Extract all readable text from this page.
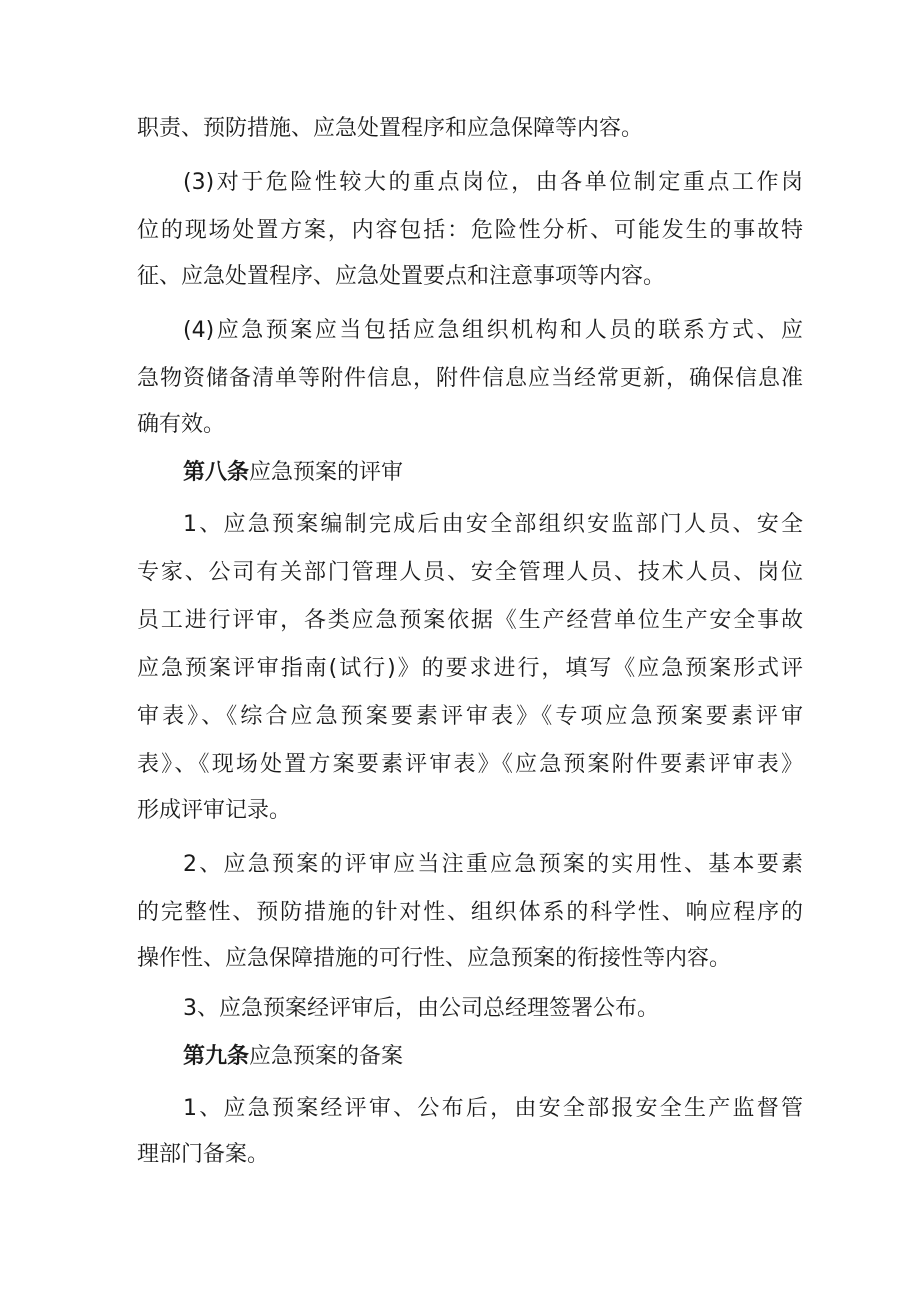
职责、预防措施、应急处置程序和应急保障等内容。
(3)对于危险性较大的重点岗位，由各单位制定重点工作岗
位的现场处置方案，内容包括：危险性分析、可能发生的事故特
征、应急处置程序、应急处置要点和注意事项等内容。
(4)应急预案应当包括应急组织机构和人员的联系方式、应
急物资储备清单等附件信息，附件信息应当经常更新，确保信息准
确有效。
第八条应急预案的评审
1、应急预案编制完成后由安全部组织安监部门人员、安全
专家、公司有关部门管理人员、安全管理人员、技术人员、岗位
员工进行评审，各类应急预案依据《生产经营单位生产安全事故
应急预案评审指南(试行)》的要求进行，填写《应急预案形式评
审表》、《综合应急预案要素评审表》《专项应急预案要素评审
表》、《现场处置方案要素评审表》《应急预案附件要素评审表》
形成评审记录。
2、应急预案的评审应当注重应急预案的实用性、基本要素
的完整性、预防措施的针对性、组织体系的科学性、响应程序的
操作性、应急保障措施的可行性、应急预案的衔接性等内容。
3、应急预案经评审后，由公司总经理签署公布。
第九条应急预案的备案
1、应急预案经评审、公布后，由安全部报安全生产监督管
理部门备案。
